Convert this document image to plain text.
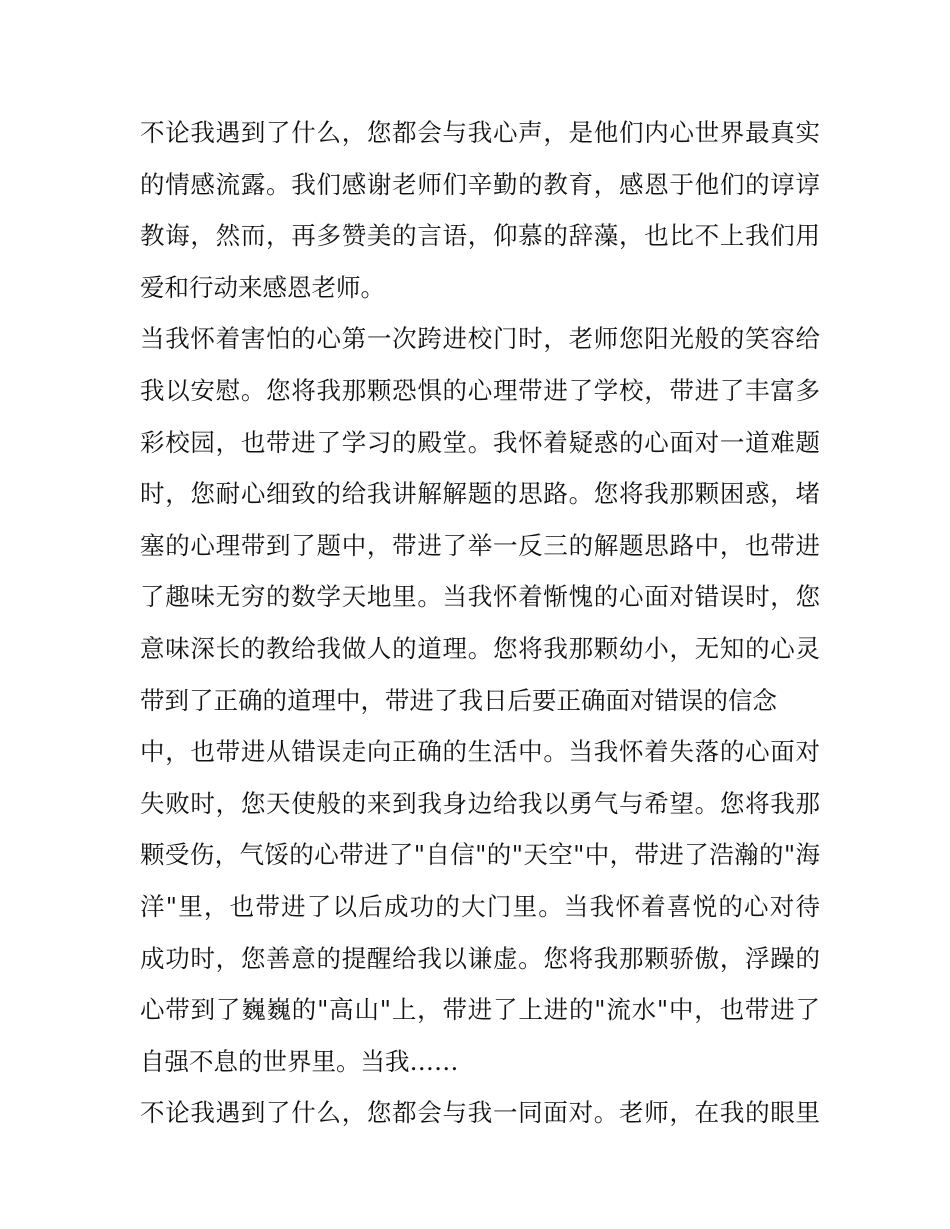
不论我遇到了什么，您都会与我心声，是他们内心世界最真实
的情感流露。我们感谢老师们辛勤的教育，感恩于他们的谆谆
教诲，然而，再多赞美的言语，仰慕的辞藻，也比不上我们用
爱和行动来感恩老师。
当我怀着害怕的心第一次跨进校门时，老师您阳光般的笑容给
我以安慰。您将我那颗恐惧的心理带进了学校，带进了丰富多
彩校园，也带进了学习的殿堂。我怀着疑惑的心面对一道难题
时，您耐心细致的给我讲解解题的思路。您将我那颗困惑，堵
塞的心理带到了题中，带进了举一反三的解题思路中，也带进
了趣味无穷的数学天地里。当我怀着惭愧的心面对错误时，您
意味深长的教给我做人的道理。您将我那颗幼小，无知的心灵
带到了正确的道理中，带进了我日后要正确面对错误的信念
中，也带进从错误走向正确的生活中。当我怀着失落的心面对
失败时，您天使般的来到我身边给我以勇气与希望。您将我那
颗受伤，气馁的心带进了"自信"的"天空"中，带进了浩瀚的"海
洋"里，也带进了以后成功的大门里。当我怀着喜悦的心对待
成功时，您善意的提醒给我以谦虚。您将我那颗骄傲，浮躁的
心带到了巍巍的"高山"上，带进了上进的"流水"中，也带进了
自强不息的世界里。当我……
不论我遇到了什么，您都会与我一同面对。老师，在我的眼里
